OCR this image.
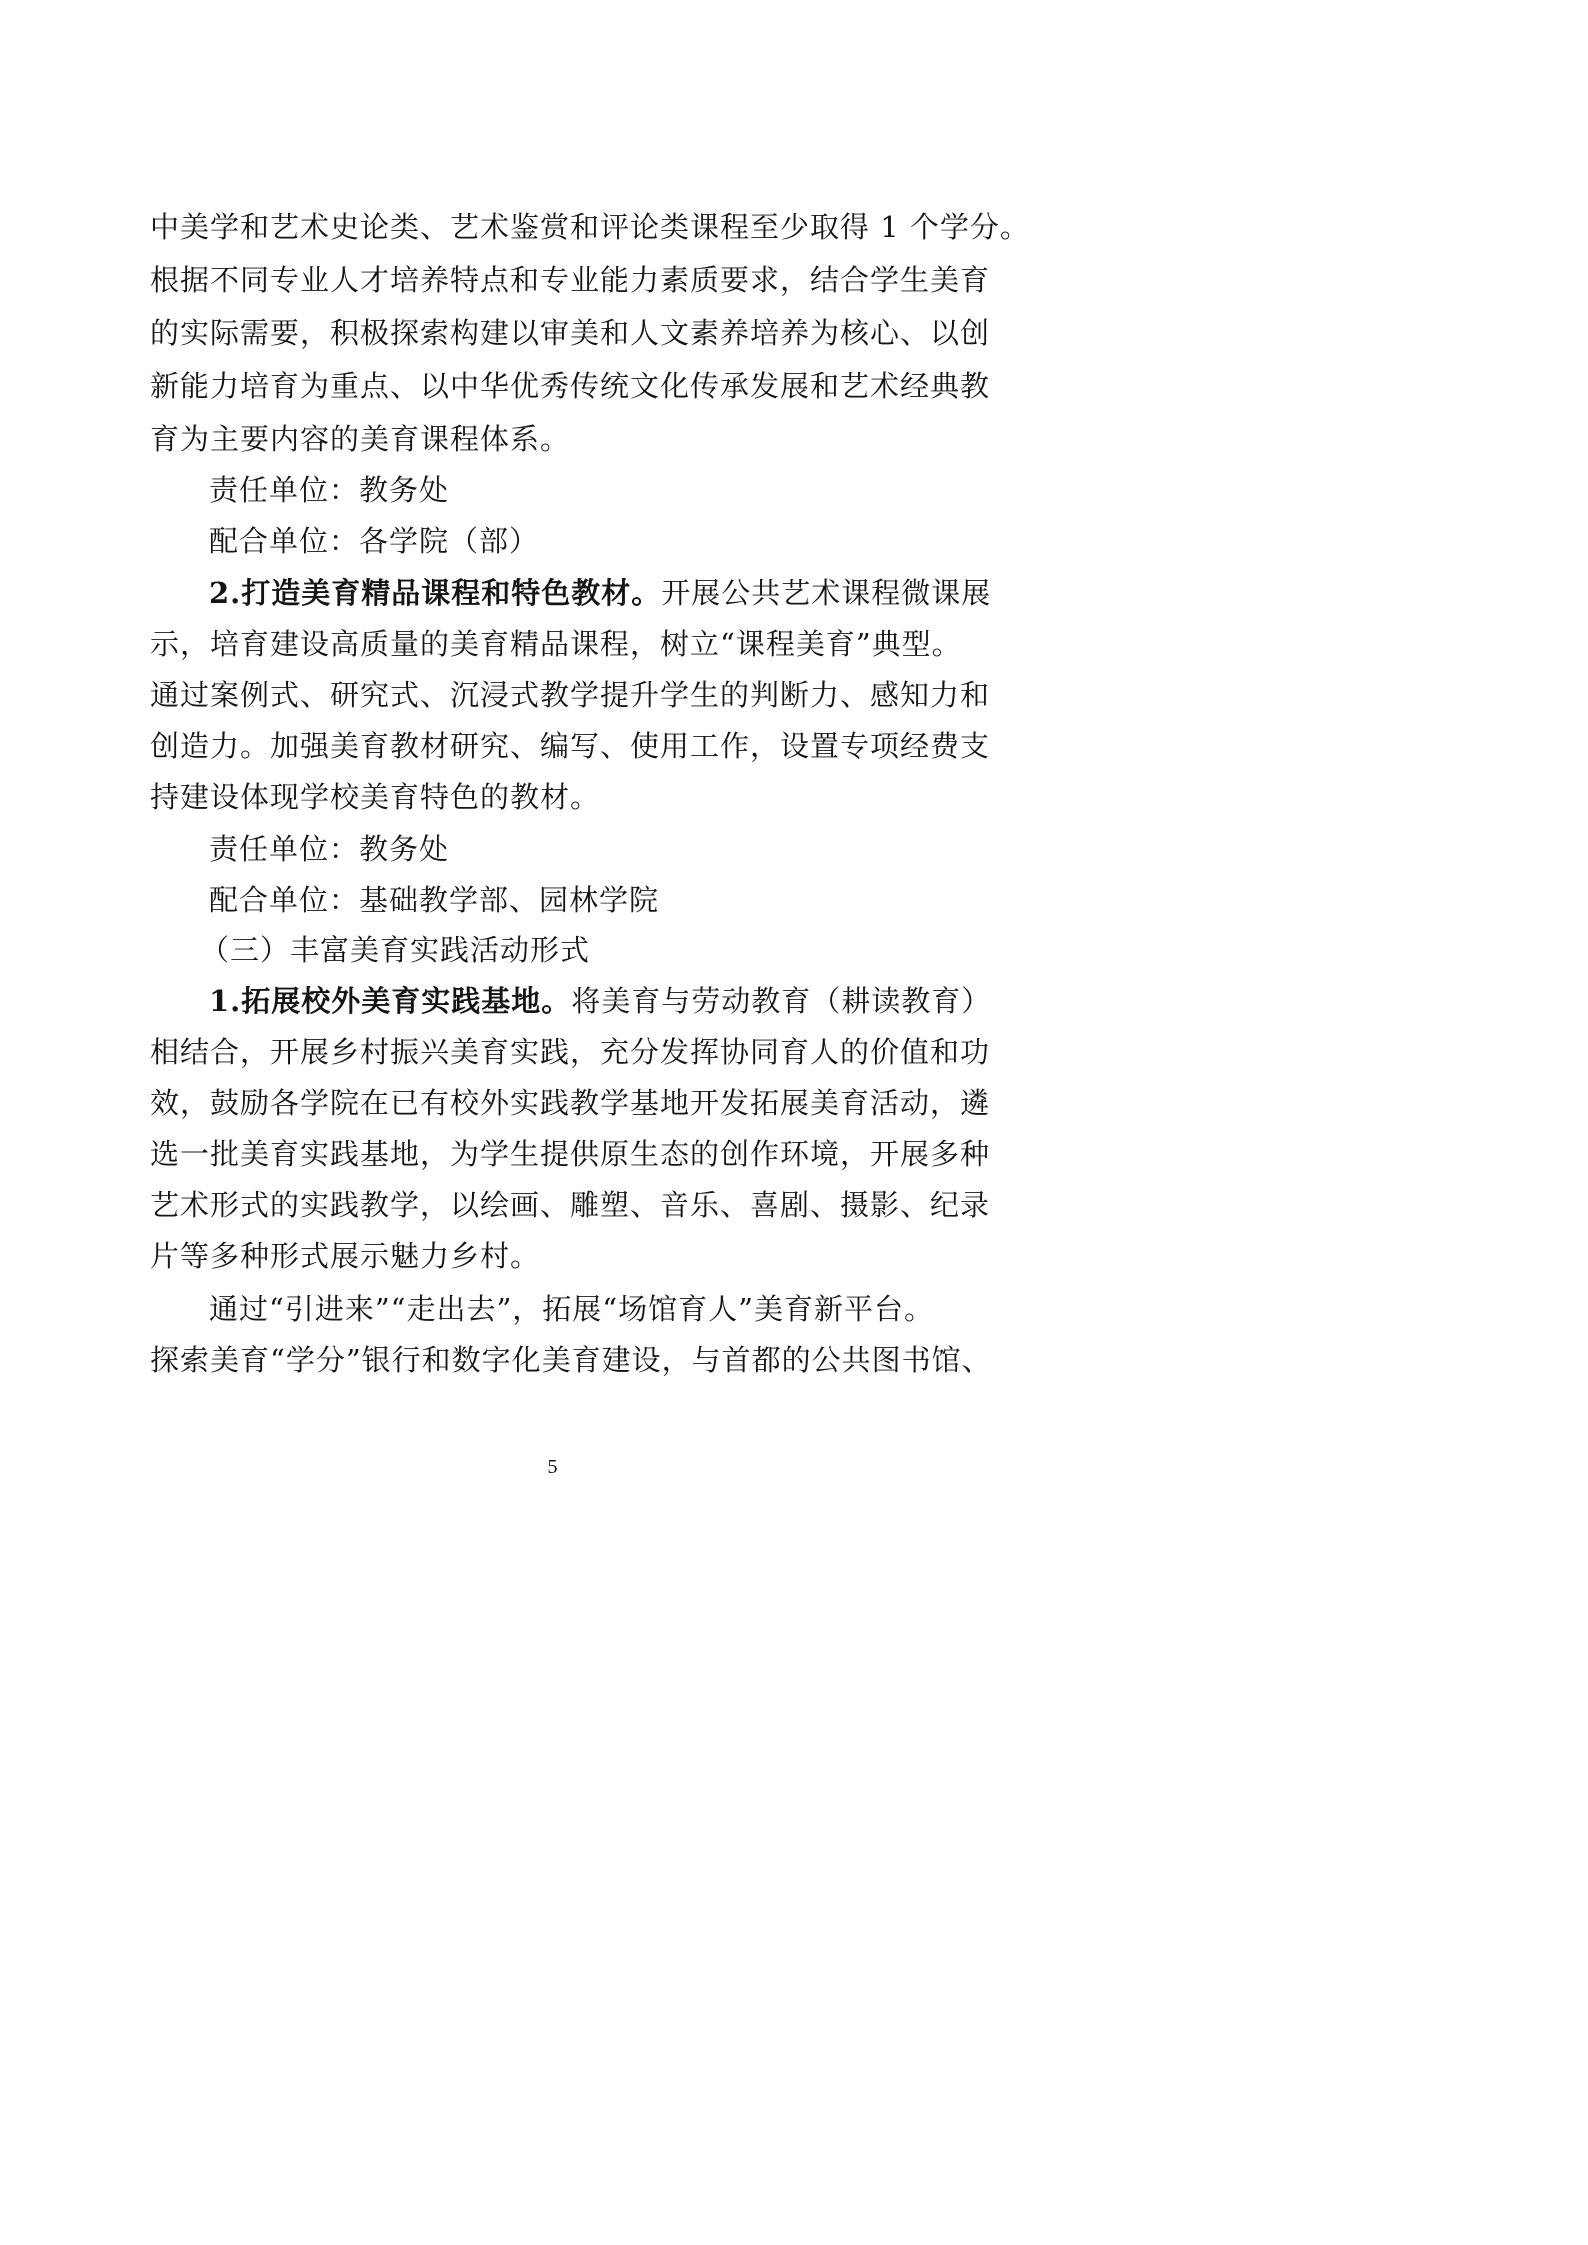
中美学和艺术史论类、艺术鉴赏和评论类课程至少取得 1 个学分。
根据不同专业人才培养特点和专业能力素质要求，结合学生美育
的实际需要，积极探索构建以审美和人文素养培养为核心、以创
新能力培育为重点、以中华优秀传统文化传承发展和艺术经典教
育为主要内容的美育课程体系。
责任单位：教务处
配合单位：各学院（部）
2.打造美育精品课程和特色教材。开展公共艺术课程微课展
示，培育建设高质量的美育精品课程，树立“课程美育”典型。
通过案例式、研究式、沉浸式教学提升学生的判断力、感知力和
创造力。加强美育教材研究、编写、使用工作，设置专项经费支
持建设体现学校美育特色的教材。
责任单位：教务处
配合单位：基础教学部、园林学院
（三）丰富美育实践活动形式
1.拓展校外美育实践基地。将美育与劳动教育（耕读教育）
相结合，开展乡村振兴美育实践，充分发挥协同育人的价值和功
效，鼓励各学院在已有校外实践教学基地开发拓展美育活动，遴
选一批美育实践基地，为学生提供原生态的创作环境，开展多种
艺术形式的实践教学，以绘画、雕塑、音乐、喜剧、摄影、纪录
片等多种形式展示魅力乡村。
通过“引进来”“走出去”，拓展“场馆育人”美育新平台。
探索美育“学分”银行和数字化美育建设，与首都的公共图书馆、
5
